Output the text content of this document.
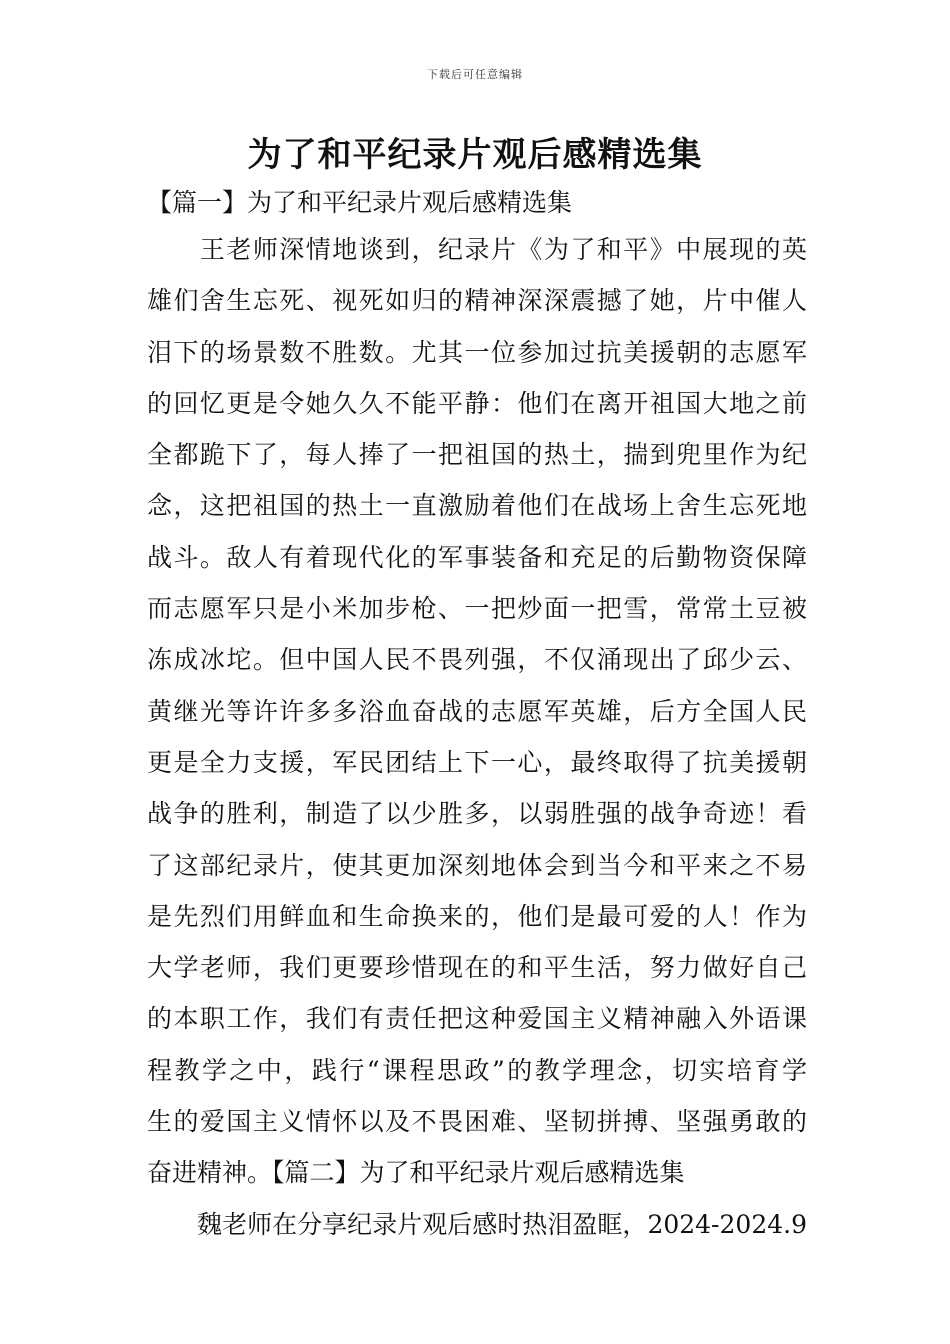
下载后可任意编辑
为了和平纪录片观后感精选集
【篇一】为了和平纪录片观后感精选集
　　王老师深情地谈到，纪录片《为了和平》中展现的英
雄们舍生忘死、视死如归的精神深深震撼了她，片中催人
泪下的场景数不胜数。尤其一位参加过抗美援朝的志愿军
的回忆更是令她久久不能平静：他们在离开祖国大地之前
全都跪下了，每人捧了一把祖国的热土，揣到兜里作为纪
念，这把祖国的热土一直激励着他们在战场上舍生忘死地
战斗。敌人有着现代化的军事装备和充足的后勤物资保障
而志愿军只是小米加步枪、一把炒面一把雪，常常土豆被
冻成冰坨。但中国人民不畏列强，不仅涌现出了邱少云、
黄继光等许许多多浴血奋战的志愿军英雄，后方全国人民
更是全力支援，军民团结上下一心，最终取得了抗美援朝
战争的胜利，制造了以少胜多，以弱胜强的战争奇迹！看
了这部纪录片，使其更加深刻地体会到当今和平来之不易
是先烈们用鲜血和生命换来的，他们是最可爱的人！作为
大学老师，我们更要珍惜现在的和平生活，努力做好自己
的本职工作，我们有责任把这种爱国主义精神融入外语课
程教学之中，践行“课程思政”的教学理念，切实培育学
生的爱国主义情怀以及不畏困难、坚韧拼搏、坚强勇敢的
奋进精神。【篇二】为了和平纪录片观后感精选集
　　魏老师在分享纪录片观后感时热泪盈眶，2024-2024.9
